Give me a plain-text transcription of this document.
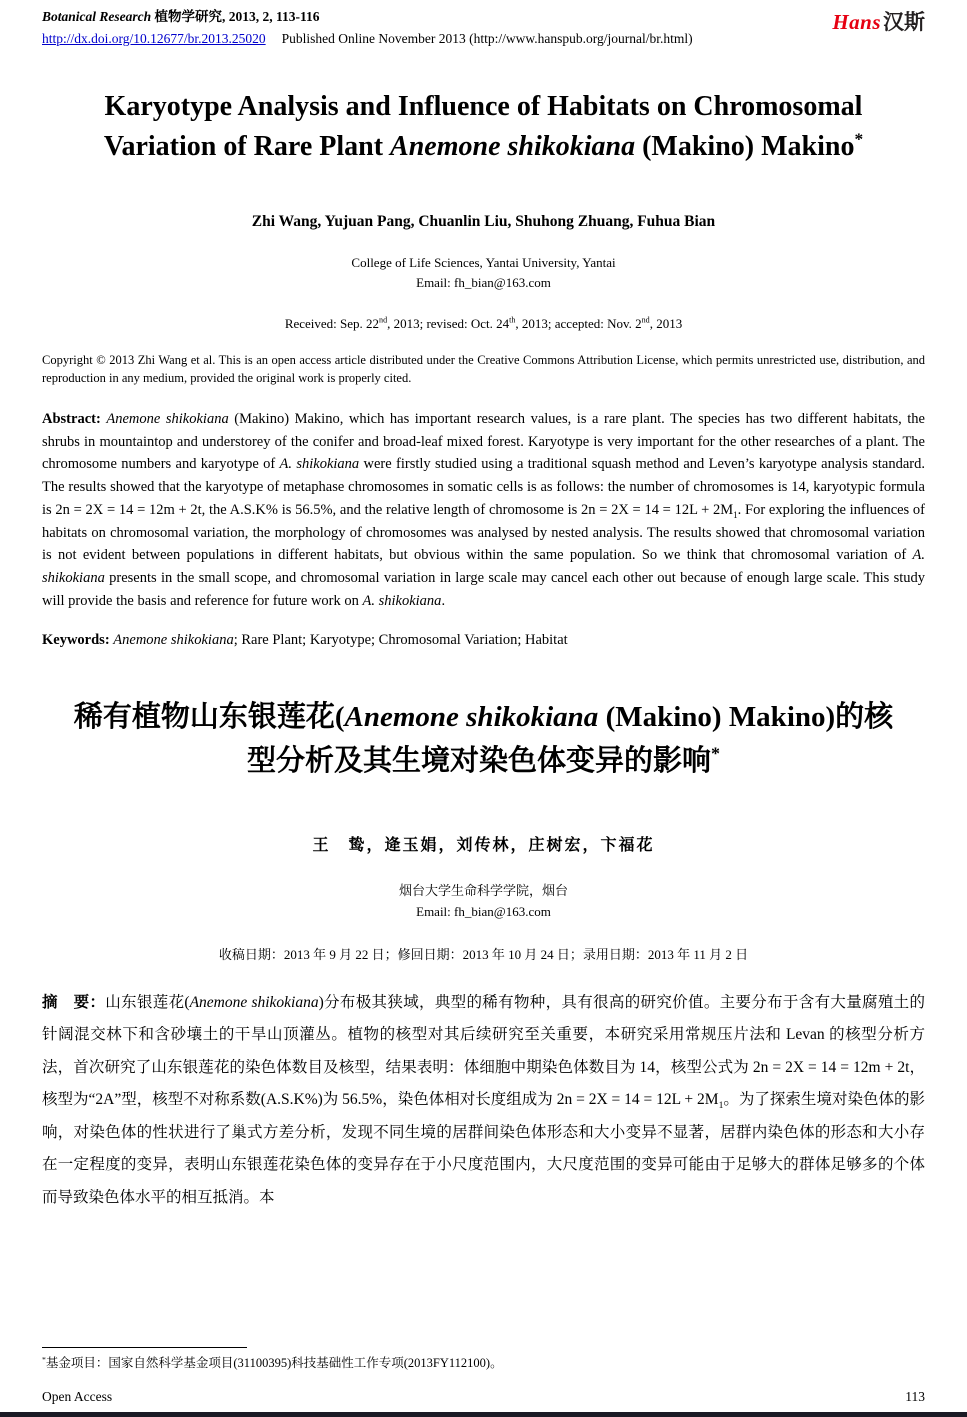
Botanical Research 植物学研究, 2013, 2, 113-116
http://dx.doi.org/10.12677/br.2013.25020 Published Online November 2013 (http://www.hanspub.org/journal/br.html)
Hans汉斯
Karyotype Analysis and Influence of Habitats on Chromosomal Variation of Rare Plant Anemone shikokiana (Makino) Makino*
Zhi Wang, Yujuan Pang, Chuanlin Liu, Shuhong Zhuang, Fuhua Bian
College of Life Sciences, Yantai University, Yantai
Email: fh_bian@163.com
Received: Sep. 22nd, 2013; revised: Oct. 24th, 2013; accepted: Nov. 2nd, 2013
Copyright © 2013 Zhi Wang et al. This is an open access article distributed under the Creative Commons Attribution License, which permits unrestricted use, distribution, and reproduction in any medium, provided the original work is properly cited.
Abstract: Anemone shikokiana (Makino) Makino, which has important research values, is a rare plant. The species has two different habitats, the shrubs in mountaintop and understorey of the conifer and broad-leaf mixed forest. Karyotype is very important for the other researches of a plant. The chromosome numbers and karyotype of A. shikokiana were firstly studied using a traditional squash method and Leven’s karyotype analysis standard. The results showed that the karyotype of metaphase chromosomes in somatic cells is as follows: the number of chromosomes is 14, karyotypic formula is 2n = 2X = 14 = 12m + 2t, the A.S.K% is 56.5%, and the relative length of chromosome is $2n = 2X = 14 = 12L + 2M_1$. For exploring the influences of habitats on chromosomal variation, the morphology of chromosomes was analysed by nested analysis. The results showed that chromosomal variation is not evident between populations in different habitats, but obvious within the same population. So we think that chromosomal variation of A. shikokiana presents in the small scope, and chromosomal variation in large scale may cancel each other out because of enough large scale. This study will provide the basis and reference for future work on A. shikokiana.
Keywords: Anemone shikokiana; Rare Plant; Karyotype; Chromosomal Variation; Habitat
稀有植物山东银莲花(Anemone shikokiana (Makino) Makino)的核型分析及其生境对染色体变异的影响*
王　鸷，逄玉娟，刘传林，庄树宏，卞福花
烟台大学生命科学学院，烟台
Email: fh_bian@163.com
收稿日期：2013 年 9 月 22 日；修回日期：2013 年 10 月 24 日；录用日期：2013 年 11 月 2 日
摘　要：山东银莲花(Anemone shikokiana)分布极其狭域，典型的稀有物种，具有很高的研究价值。主要分布于含有大量腐殖土的针阔混交林下和含砂壤土的干旱山顶灌丛。植物的核型对其后续研究至关重要，本研究采用常规压片法和 Levan 的核型分析方法，首次研究了山东银莲花的染色体数目及核型，结果表明：体细胞中期染色体数目为 14，核型公式为 2n = 2X = 14 = 12m + 2t，核型为“2A”型，核型不对称系数(A.S.K%)为 56.5%，染色体相对长度组成为 $2n = 2X = 14 = 12L + 2M_1$。为了探索生境对染色体的影响，对染色体的性状进行了巢式方差分析，发现不同生境的居群间染色体形态和大小变异不显著，居群内染色体的形态和大小存在一定程度的变异，表明山东银莲花染色体的变异存在于小尺度范围内，大尺度范围的变异可能由于足够大的群体足够多的个体而导致染色体水平的相互抵消。本
*基金项目：国家自然科学基金项目(31100395)科技基础性工作专项(2013FY112100)。
Open Access	113
